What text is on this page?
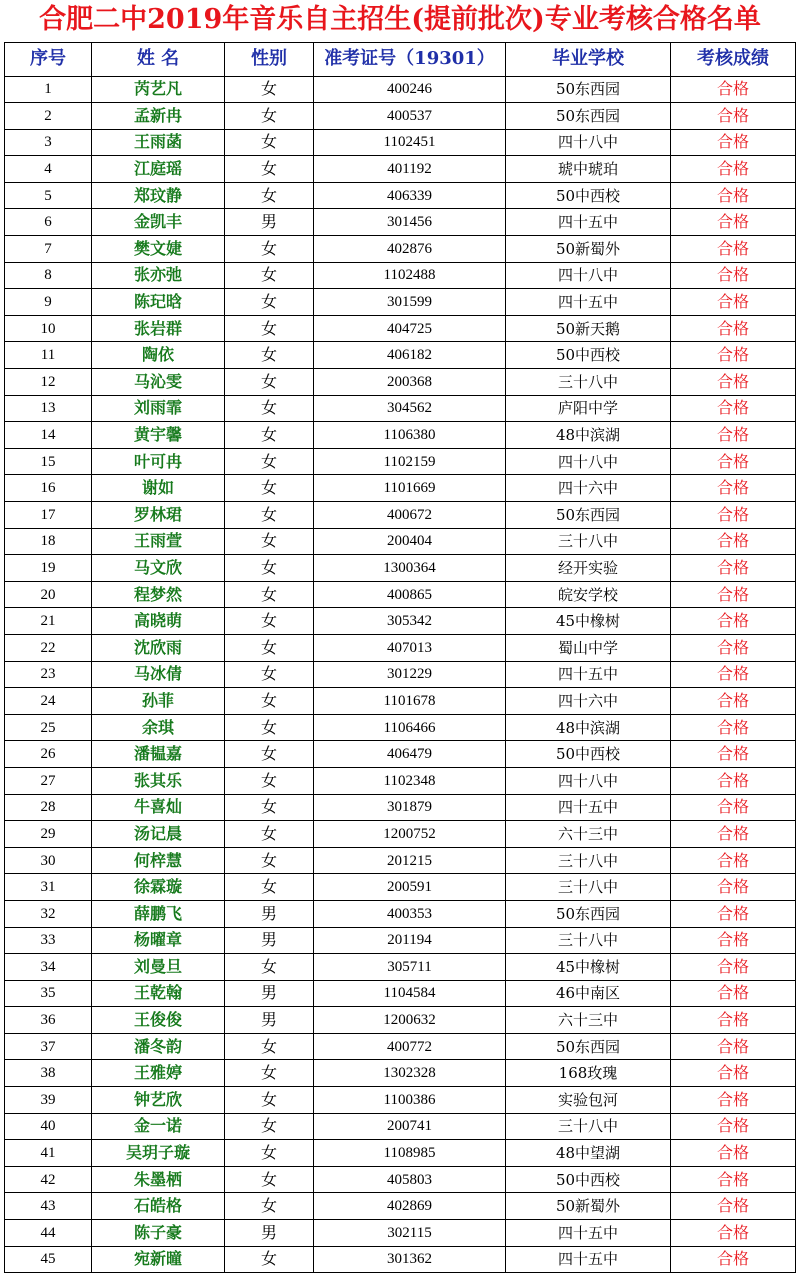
合肥二中2019年音乐自主招生(提前批次)专业考核合格名单
序号	姓 名	性别	准考证号（19301）	毕业学校	考核成绩
1	芮艺凡	女	400246	50东西园	合格
2	孟新冉	女	400537	50东西园	合格
3	王雨菡	女	1102451	四十八中	合格
4	江庭瑶	女	401192	琥中琥珀	合格
5	郑玟静	女	406339	50中西校	合格
6	金凯丰	男	301456	四十五中	合格
7	樊文婕	女	402876	50新蜀外	合格
8	张亦弛	女	1102488	四十八中	合格
9	陈玘晗	女	301599	四十五中	合格
10	张岩群	女	404725	50新天鹅	合格
11	陶依	女	406182	50中西校	合格
12	马沁雯	女	200368	三十八中	合格
13	刘雨霏	女	304562	庐阳中学	合格
14	黄宇馨	女	1106380	48中滨湖	合格
15	叶可冉	女	1102159	四十八中	合格
16	谢如	女	1101669	四十六中	合格
17	罗林珺	女	400672	50东西园	合格
18	王雨萱	女	200404	三十八中	合格
19	马文欣	女	1300364	经开实验	合格
20	程梦然	女	400865	皖安学校	合格
21	高晓萌	女	305342	45中橡树	合格
22	沈欣雨	女	407013	蜀山中学	合格
23	马冰倩	女	301229	四十五中	合格
24	孙菲	女	1101678	四十六中	合格
25	余琪	女	1106466	48中滨湖	合格
26	潘韫嘉	女	406479	50中西校	合格
27	张其乐	女	1102348	四十八中	合格
28	牛喜灿	女	301879	四十五中	合格
29	汤记晨	女	1200752	六十三中	合格
30	何梓慧	女	201215	三十八中	合格
31	徐霖璇	女	200591	三十八中	合格
32	薛鹏飞	男	400353	50东西园	合格
33	杨曜章	男	201194	三十八中	合格
34	刘曼旦	女	305711	45中橡树	合格
35	王乾翰	男	1104584	46中南区	合格
36	王俊俊	男	1200632	六十三中	合格
37	潘冬韵	女	400772	50东西园	合格
38	王雅婷	女	1302328	168玫瑰	合格
39	钟艺欣	女	1100386	实验包河	合格
40	金一诺	女	200741	三十八中	合格
41	吴玥子璇	女	1108985	48中望湖	合格
42	朱墨栖	女	405803	50中西校	合格
43	石皓格	女	402869	50新蜀外	合格
44	陈子豪	男	302115	四十五中	合格
45	宛新曈	女	301362	四十五中	合格
